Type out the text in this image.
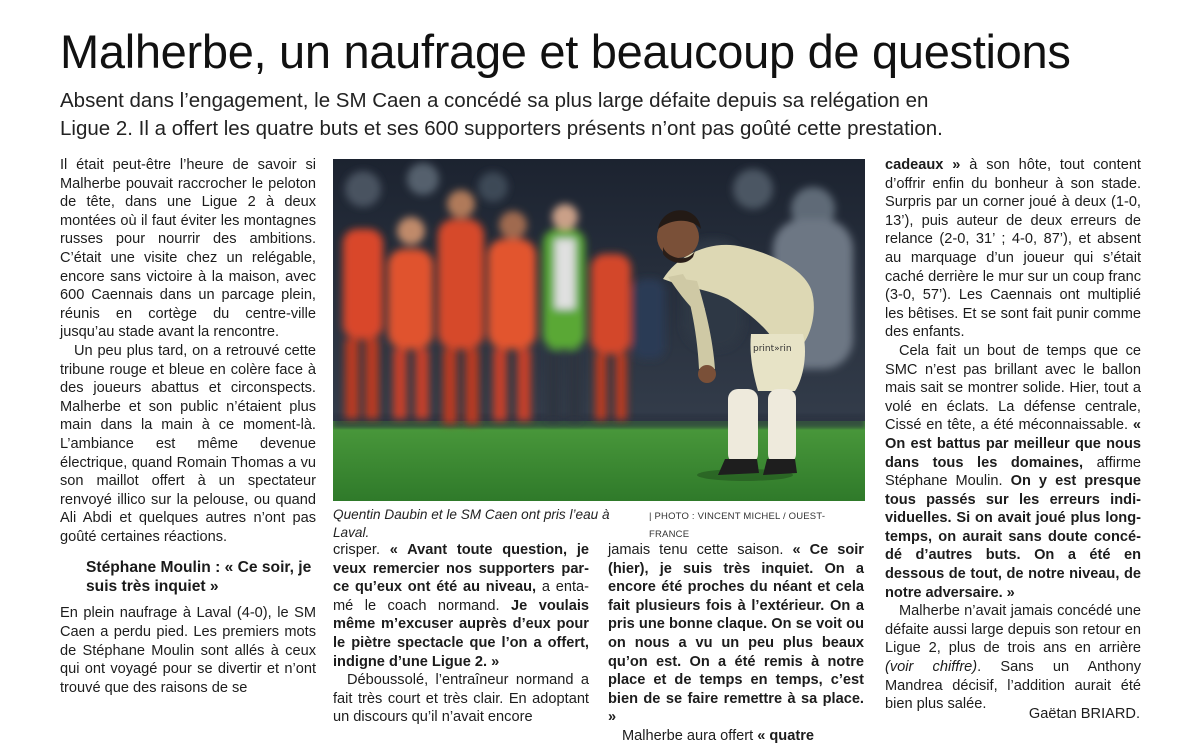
Malherbe, un naufrage et beaucoup de questions
Absent dans l’engagement, le SM Caen a concédé sa plus large défaite depuis sa relégation en
Ligue 2. Il a offert les quatre buts et ses 600 supporters présents n’ont pas goûté cette prestation.

Il était peut-être l’heure de savoir si Malherbe pouvait raccrocher le peloton de tête, dans une Ligue 2 à deux montées où il faut éviter les montagnes russes pour nourrir des ambitions. C’était une visite chez un relégable, encore sans victoire à la maison, avec 600 Caennais dans un parcage plein, réunis en cortège du centre-ville jusqu’au stade avant la rencontre.

Un peu plus tard, on a retrouvé cette tribune rouge et bleue en colère face à des joueurs abattus et circonspects. Malherbe et son public n’étaient plus main dans la main à ce moment-là. L’ambiance est même devenue électrique, quand Romain Thomas a vu son maillot offert à un spectateur renvoyé illico sur la pelouse, ou quand Ali Abdi et quelques autres n’ont pas goûté certaines réactions.

Stéphane Moulin : « Ce soir, je suis très inquiet »

En plein naufrage à Laval (4-0), le SM Caen a perdu pied. Les premiers mots de Stéphane Moulin sont allés à ceux qui ont voyagé pour se divertir et n’ont trouvé que des raisons de se

print»rin
Quentin Daubin et le SM Caen ont pris l’eau à Laval.
| PHOTO : VINCENT MICHEL / OUEST-FRANCE

crisper. « Avant toute question, je veux remercier nos supporters parce qu’eux ont été au niveau, a entamé le coach normand. Je voulais même m’excuser auprès d’eux pour le piètre spectacle que l’on a offert, indigne d’une Ligue 2. »

Déboussolé, l’entraîneur normand a fait très court et très clair. En adoptant un discours qu’il n’avait encore

jamais tenu cette saison. « Ce soir (hier), je suis très inquiet. On a encore été proches du néant et cela fait plusieurs fois à l’extérieur. On a pris une bonne claque. On se voit ou on nous a vu un peu plus beaux qu’on est. On a été remis à notre place et de temps en temps, c’est bien de se faire remettre à sa place. »

Malherbe aura offert « quatre

cadeaux » à son hôte, tout content d’offrir enfin du bonheur à son stade. Surpris par un corner joué à deux (1-0, 13’), puis auteur de deux erreurs de relance (2-0, 31’ ; 4-0, 87’), et absent au marquage d’un joueur qui s’était caché derrière le mur sur un coup franc (3-0, 57’). Les Caennais ont multiplié les bêtises. Et se sont fait punir comme des enfants.

Cela fait un bout de temps que ce SMC n’est pas brillant avec le ballon mais sait se montrer solide. Hier, tout a volé en éclats. La défense centrale, Cissé en tête, a été méconnaissable. « On est battus par meilleur que nous dans tous les domaines, affirme Stéphane Moulin. On y est presque tous passés sur les erreurs individuelles. Si on avait joué plus longtemps, on aurait sans doute concédé d’autres buts. On a été en dessous de tout, de notre niveau, de notre adversaire. »

Malherbe n’avait jamais concédé une défaite aussi large depuis son retour en Ligue 2, plus de trois ans en arrière (voir chiffre). Sans un Anthony Mandrea décisif, l’addition aurait été bien plus salée.

Gaëtan BRIARD.
